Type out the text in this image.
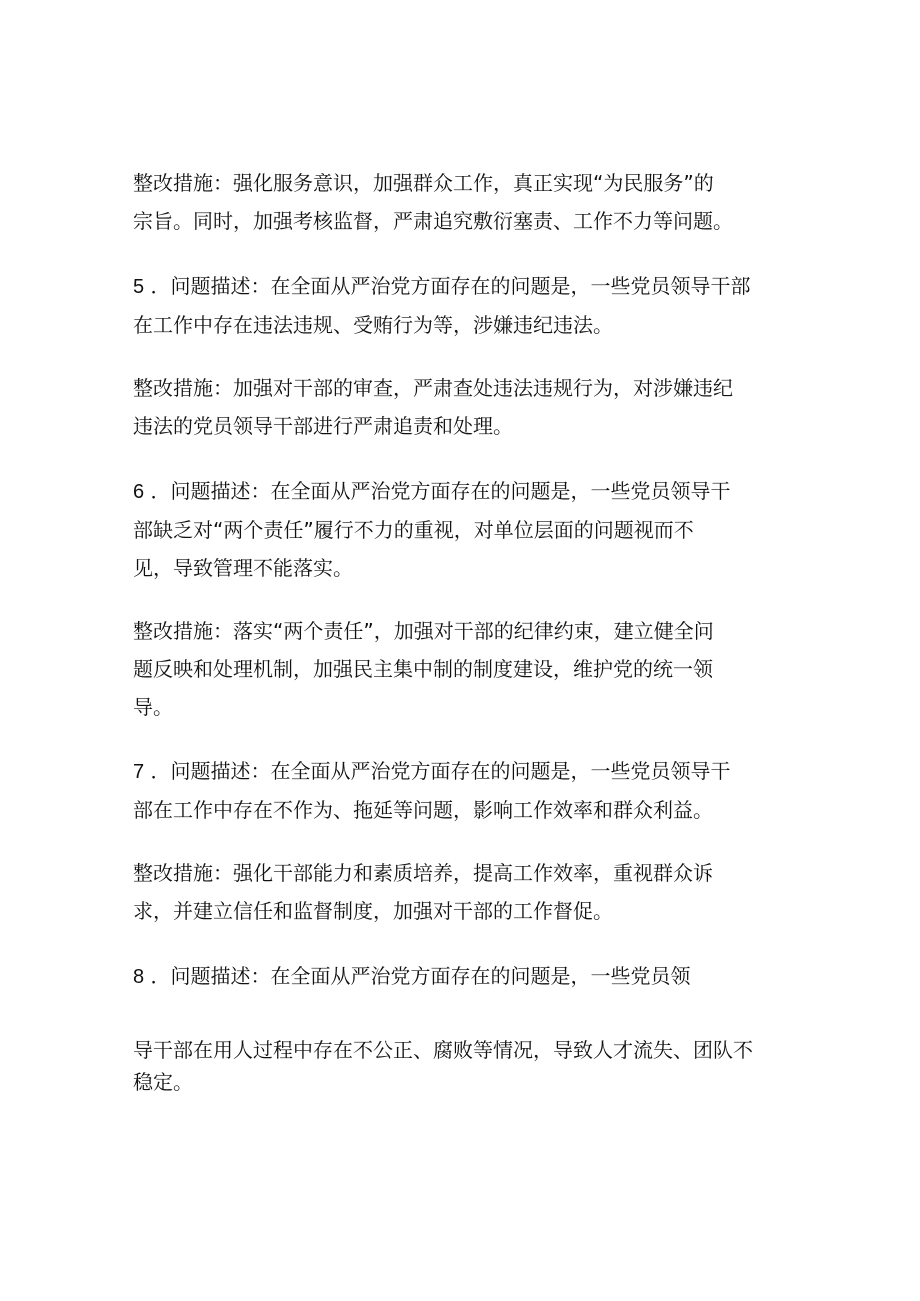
整改措施：强化服务意识，加强群众工作，真正实现“为民服务”的
宗旨。同时，加强考核监督，严肃追究敷衍塞责、工作不力等问题。

5 ．问题描述：在全面从严治党方面存在的问题是，一些党员领导干部
在工作中存在违法违规、受贿行为等，涉嫌违纪违法。

整改措施：加强对干部的审查，严肃查处违法违规行为，对涉嫌违纪
违法的党员领导干部进行严肃追责和处理。

6 ．问题描述：在全面从严治党方面存在的问题是，一些党员领导干
部缺乏对“两个责任”履行不力的重视，对单位层面的问题视而不
见，导致管理不能落实。

整改措施：落实“两个责任”，加强对干部的纪律约束，建立健全问
题反映和处理机制，加强民主集中制的制度建设，维护党的统一领
导。

7 ．问题描述：在全面从严治党方面存在的问题是，一些党员领导干
部在工作中存在不作为、拖延等问题，影响工作效率和群众利益。

整改措施：强化干部能力和素质培养，提高工作效率，重视群众诉
求，并建立信任和监督制度，加强对干部的工作督促。

8 ．问题描述：在全面从严治党方面存在的问题是，一些党员领

导干部在用人过程中存在不公正、腐败等情况，导致人才流失、团队不
稳定。
